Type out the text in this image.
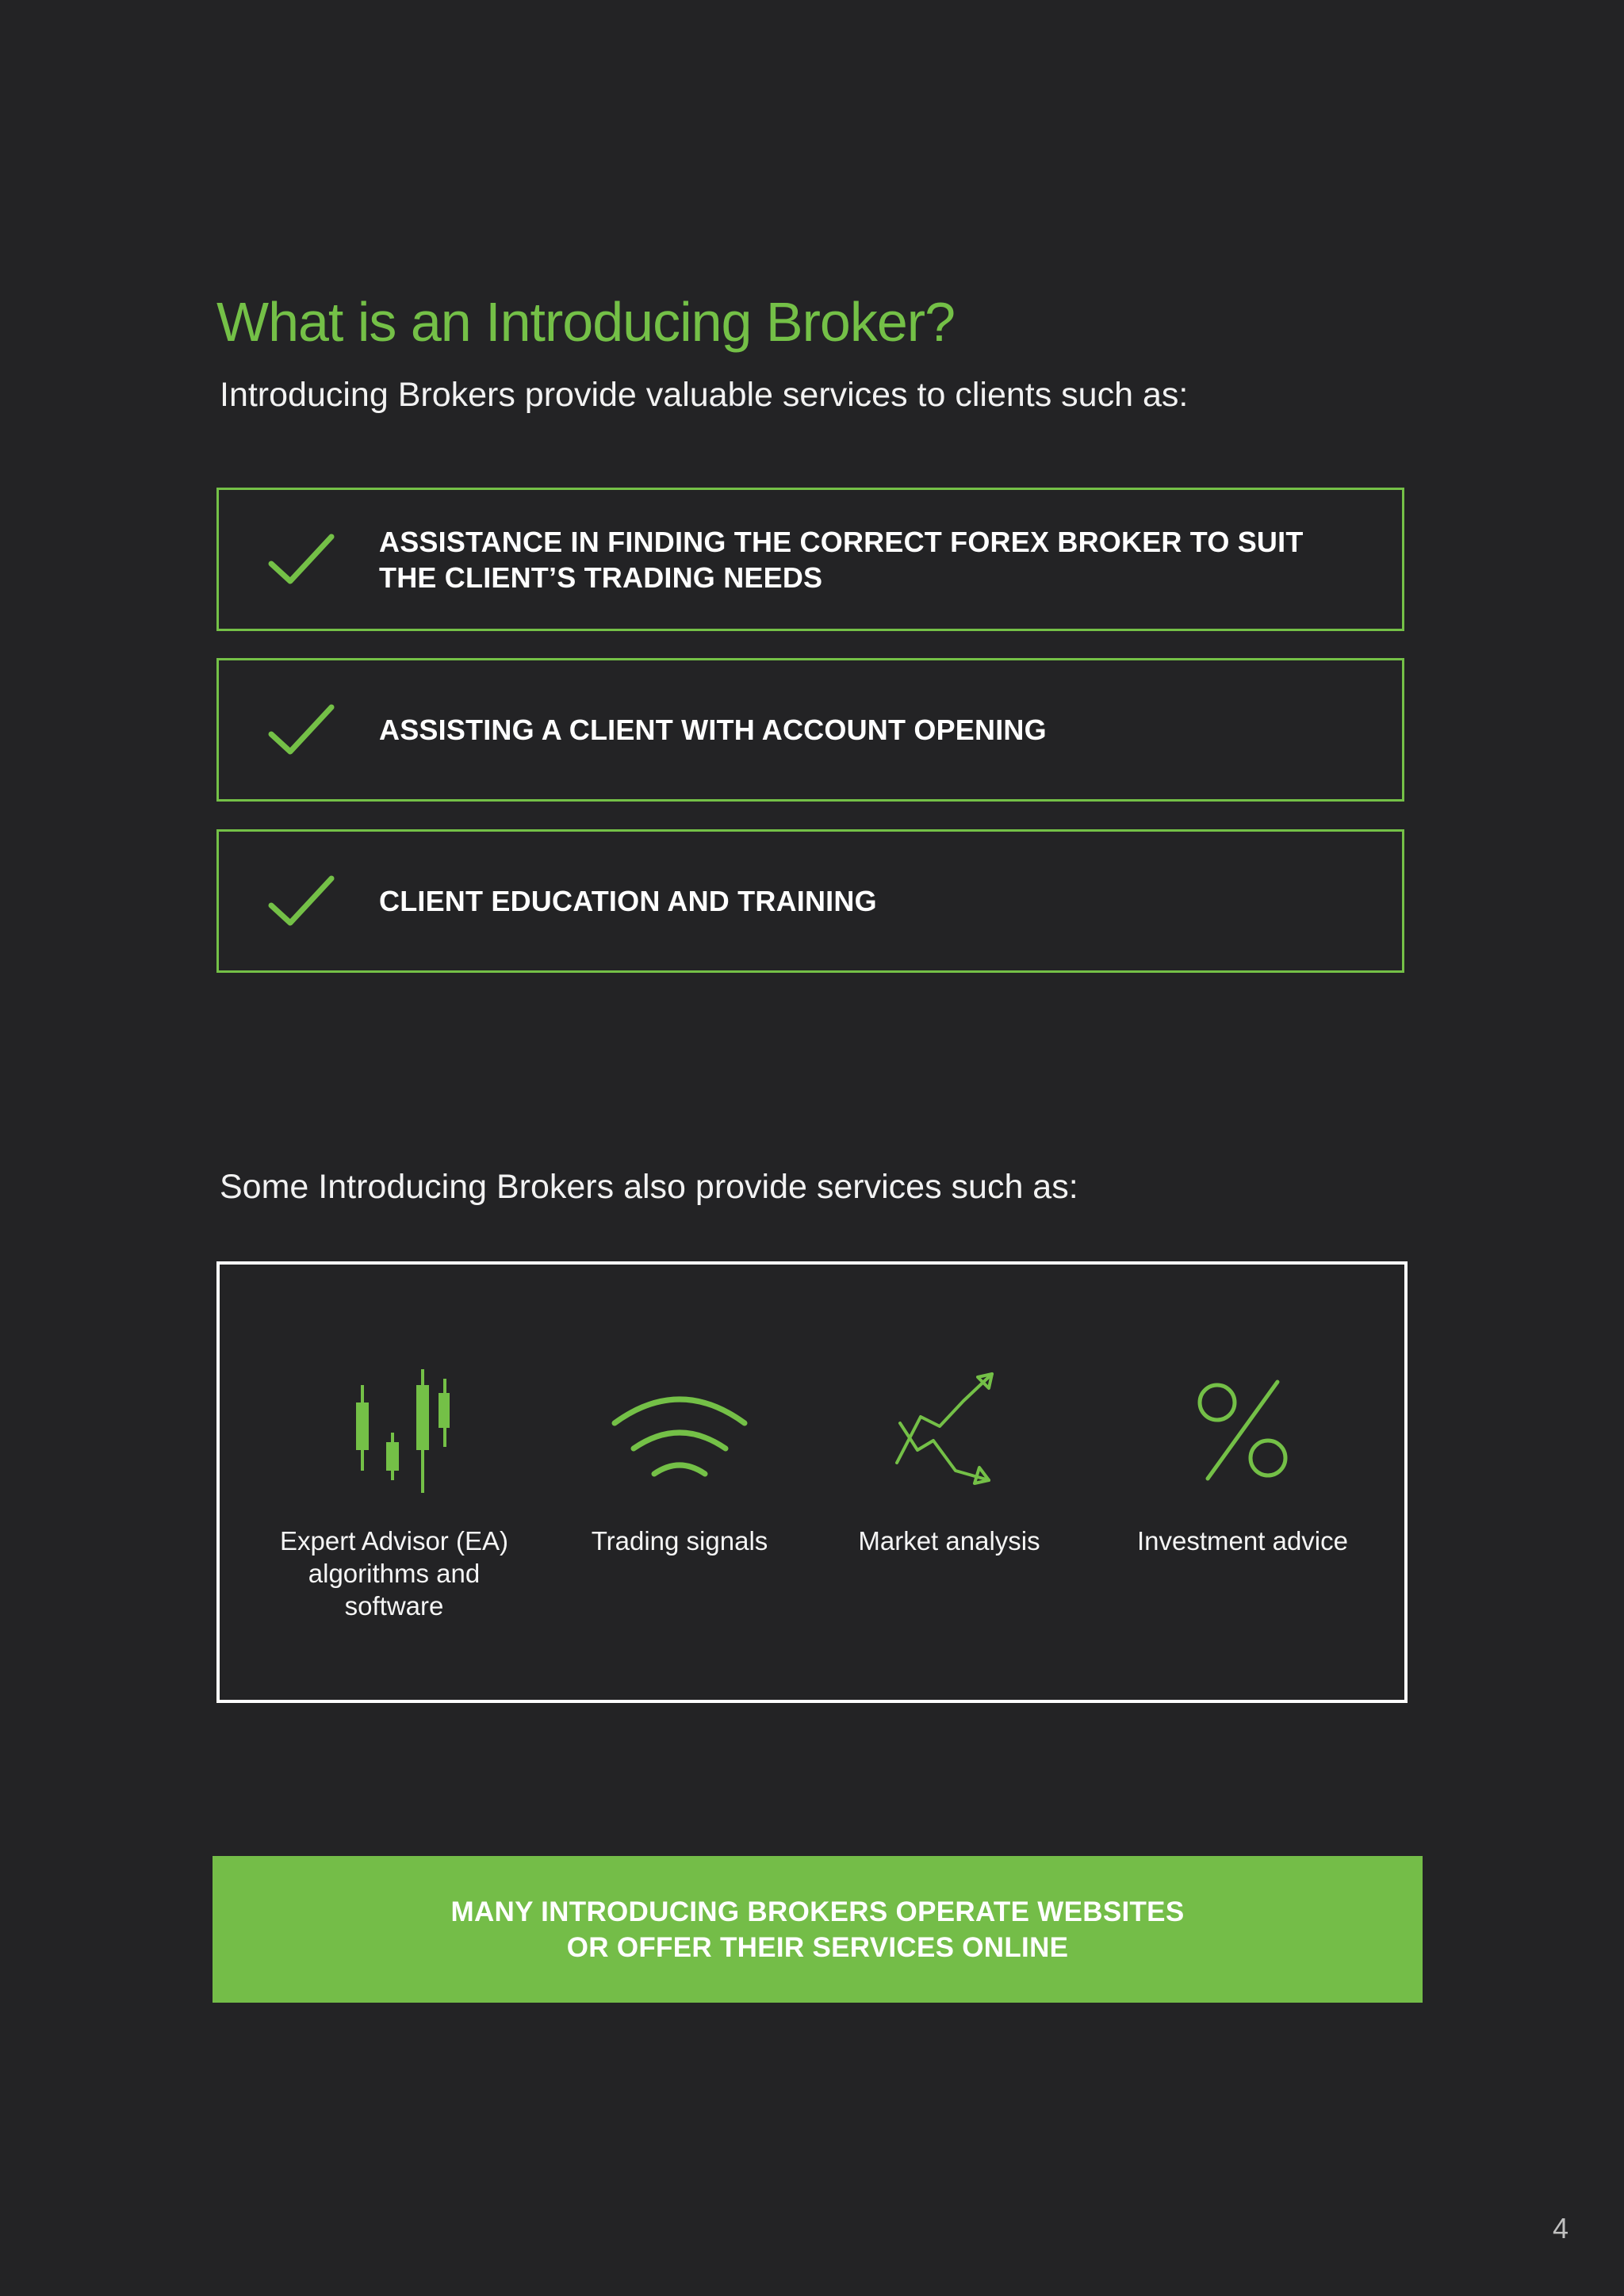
What is an Introducing Broker?
Introducing Brokers provide valuable services to clients such as:
ASSISTANCE IN FINDING THE CORRECT FOREX BROKER TO SUIT THE CLIENT’S TRADING NEEDS
ASSISTING A CLIENT WITH ACCOUNT OPENING
CLIENT EDUCATION AND TRAINING
Some Introducing Brokers also provide services such as:
Expert Advisor (EA) algorithms and software
Trading signals	Market analysis	Investment advice
MANY INTRODUCING BROKERS OPERATE WEBSITES
OR OFFER THEIR SERVICES ONLINE
4
